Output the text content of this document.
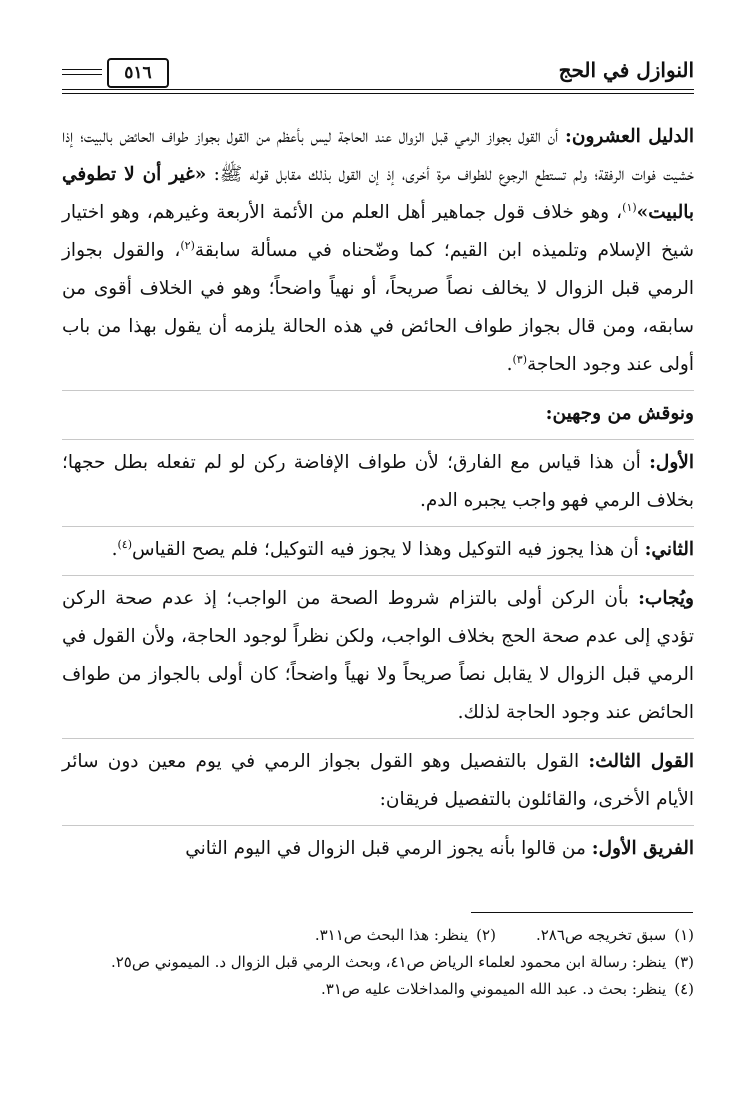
٥١٦	النوازل في الحج

الدليل العشرون: أن القول بجواز الرمي قبل الزوال عند الحاجة ليس بأعظم من القول بجواز طواف الحائض بالبيت؛ إذا خشيت فوات الرفقة؛ ولم تستطع الرجوع للطواف مرة أخرى، إذ إن القول بذلك مقابل قوله ﷺ: «غير أن لا تطوفي بالبيت»$^{(١)}$، وهو خلاف قول جماهير أهل العلم من الأئمة الأربعة وغيرهم، وهو اختيار شيخ الإسلام وتلميذه ابن القيم؛ كما وضّحناه في مسألة سابقة$^{(٢)}$، والقول بجواز الرمي قبل الزوال لا يخالف نصاً صريحاً، أو نهياً واضحاً؛ وهو في الخلاف أقوى من سابقه، ومن قال بجواز طواف الحائض في هذه الحالة يلزمه أن يقول بهذا من باب أولى عند وجود الحاجة$^{(٣)}$.

ونوقش من وجهين:

الأول: أن هذا قياس مع الفارق؛ لأن طواف الإفاضة ركن لو لم تفعله بطل حجها؛ بخلاف الرمي فهو واجب يجبره الدم.

الثاني: أن هذا يجوز فيه التوكيل وهذا لا يجوز فيه التوكيل؛ فلم يصح القياس$^{(٤)}$.

ويُجاب: بأن الركن أولى بالتزام شروط الصحة من الواجب؛ إذ عدم صحة الركن تؤدي إلى عدم صحة الحج بخلاف الواجب، ولكن نظراً لوجود الحاجة، ولأن القول في الرمي قبل الزوال لا يقابل نصاً صريحاً ولا نهياً واضحاً؛ كان أولى بالجواز من طواف الحائض عند وجود الحاجة لذلك.

القول الثالث: القول بالتفصيل وهو القول بجواز الرمي في يوم معين دون سائر الأيام الأخرى، والقائلون بالتفصيل فريقان:

الفريق الأول: من قالوا بأنه يجوز الرمي قبل الزوال في اليوم الثاني

(١)سبق تخريجه ص٢٨٦.
(٢)ينظر: هذا البحث ص٣١١.
(٣)ينظر: رسالة ابن محمود لعلماء الرياض ص٤١، وبحث الرمي قبل الزوال د. الميموني ص٢٥.
(٤)ينظر: بحث د. عبد الله الميموني والمداخلات عليه ص٣١.
